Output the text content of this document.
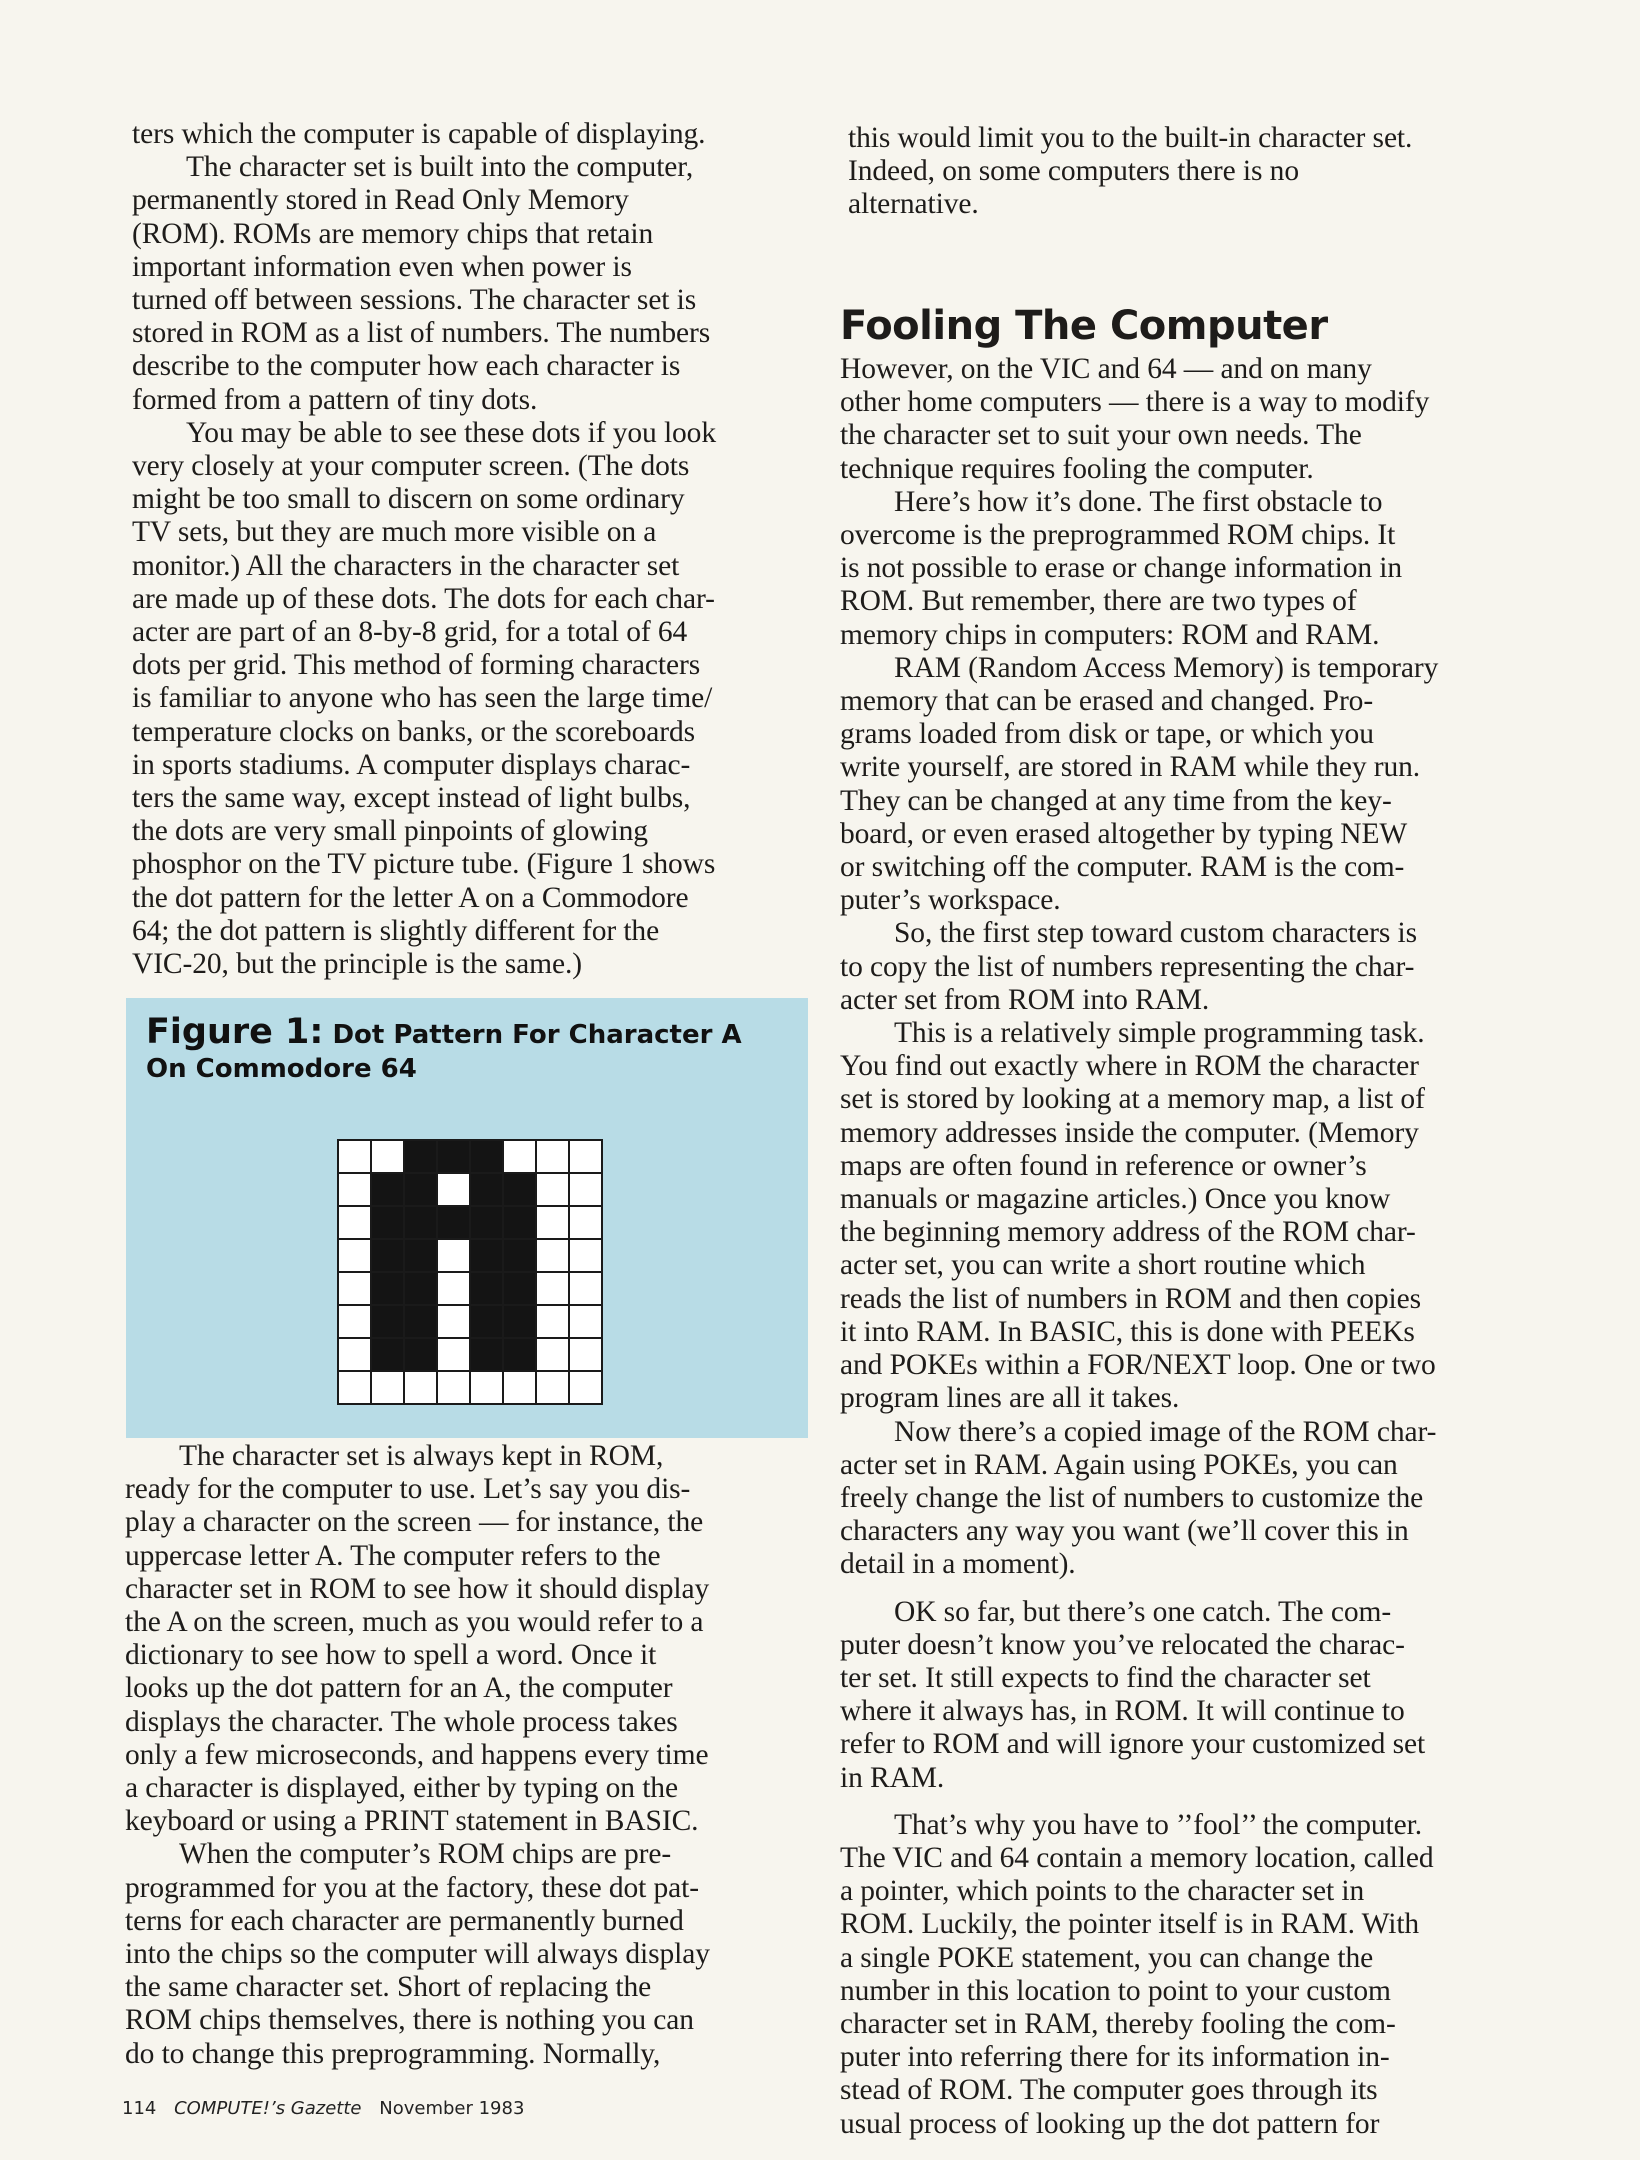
ters which the computer is capable of displaying.

The character set is built into the computer,
permanently stored in Read Only Memory
(ROM). ROMs are memory chips that retain
important information even when power is
turned off between sessions. The character set is
stored in ROM as a list of numbers. The numbers
describe to the computer how each character is
formed from a pattern of tiny dots.

You may be able to see these dots if you look
very closely at your computer screen. (The dots
might be too small to discern on some ordinary
TV sets, but they are much more visible on a
monitor.) All the characters in the character set
are made up of these dots. The dots for each char-
acter are part of an 8-by-8 grid, for a total of 64
dots per grid. This method of forming characters
is familiar to anyone who has seen the large time/
temperature clocks on banks, or the scoreboards
in sports stadiums. A computer displays charac-
ters the same way, except instead of light bulbs,
the dots are very small pinpoints of glowing
phosphor on the TV picture tube. (Figure 1 shows
the dot pattern for the letter A on a Commodore
64; the dot pattern is slightly different for the
VIC-20, but the principle is the same.)

Figure 1: Dot Pattern For Character A
On Commodore 64

The character set is always kept in ROM,
ready for the computer to use. Let’s say you dis-
play a character on the screen — for instance, the
uppercase letter A. The computer refers to the
character set in ROM to see how it should display
the A on the screen, much as you would refer to a
dictionary to see how to spell a word. Once it
looks up the dot pattern for an A, the computer
displays the character. The whole process takes
only a few microseconds, and happens every time
a character is displayed, either by typing on the
keyboard or using a PRINT statement in BASIC.

When the computer’s ROM chips are pre-
programmed for you at the factory, these dot pat-
terns for each character are permanently burned
into the chips so the computer will always display
the same character set. Short of replacing the
ROM chips themselves, there is nothing you can
do to change this preprogramming. Normally,

this would limit you to the built-in character set.
Indeed, on some computers there is no
alternative.

Fooling The Computer

However, on the VIC and 64 — and on many
other home computers — there is a way to modify
the character set to suit your own needs. The
technique requires fooling the computer.

Here’s how it’s done. The first obstacle to
overcome is the preprogrammed ROM chips. It
is not possible to erase or change information in
ROM. But remember, there are two types of
memory chips in computers: ROM and RAM.

RAM (Random Access Memory) is temporary
memory that can be erased and changed. Pro-
grams loaded from disk or tape, or which you
write yourself, are stored in RAM while they run.
They can be changed at any time from the key-
board, or even erased altogether by typing NEW
or switching off the computer. RAM is the com-
puter’s workspace.

So, the first step toward custom characters is
to copy the list of numbers representing the char-
acter set from ROM into RAM.

This is a relatively simple programming task.
You find out exactly where in ROM the character
set is stored by looking at a memory map, a list of
memory addresses inside the computer. (Memory
maps are often found in reference or owner’s
manuals or magazine articles.) Once you know
the beginning memory address of the ROM char-
acter set, you can write a short routine which
reads the list of numbers in ROM and then copies
it into RAM. In BASIC, this is done with PEEKs
and POKEs within a FOR/NEXT loop. One or two
program lines are all it takes.

Now there’s a copied image of the ROM char-
acter set in RAM. Again using POKEs, you can
freely change the list of numbers to customize the
characters any way you want (we’ll cover this in
detail in a moment).

OK so far, but there’s one catch. The com-
puter doesn’t know you’ve relocated the charac-
ter set. It still expects to find the character set
where it always has, in ROM. It will continue to
refer to ROM and will ignore your customized set
in RAM.

That’s why you have to ’’fool’’ the computer.
The VIC and 64 contain a memory location, called
a pointer, which points to the character set in
ROM. Luckily, the pointer itself is in RAM. With
a single POKE statement, you can change the
number in this location to point to your custom
character set in RAM, thereby fooling the com-
puter into referring there for its information in-
stead of ROM. The computer goes through its
usual process of looking up the dot pattern for

114 COMPUTE!’s Gazette November 1983
